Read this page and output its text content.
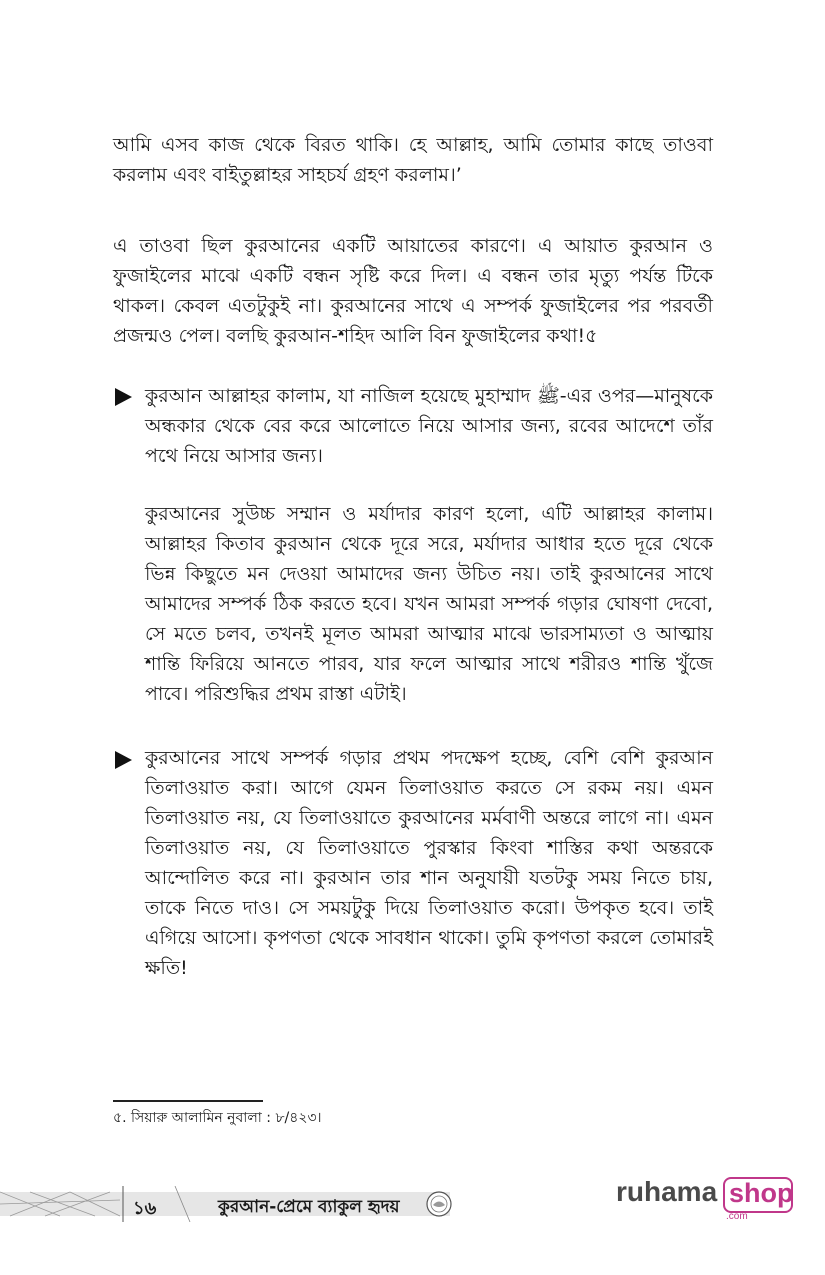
আমি এসব কাজ থেকে বিরত থাকি। হে আল্লাহ, আমি তোমার কাছে তাওবা করলাম এবং বাইতুল্লাহর সাহচর্য গ্রহণ করলাম।’

এ তাওবা ছিল কুরআনের একটি আয়াতের কারণে। এ আয়াত কুরআন ও ফুজাইলের মাঝে একটি বন্ধন সৃষ্টি করে দিল। এ বন্ধন তার মৃত্যু পর্যন্ত টিকে থাকল। কেবল এতটুকুই না। কুরআনের সাথে এ সম্পর্ক ফুজাইলের পর পরবর্তী প্রজন্মও পেল। বলছি কুরআন-শহিদ আলি বিন ফুজাইলের কথা!৫

কুরআন আল্লাহর কালাম, যা নাজিল হয়েছে মুহাম্মাদ ﷺ-এর ওপর—মানুষকে অন্ধকার থেকে বের করে আলোতে নিয়ে আসার জন্য, রবের আদেশে তাঁর পথে নিয়ে আসার জন্য।

কুরআনের সুউচ্চ সম্মান ও মর্যাদার কারণ হলো, এটি আল্লাহর কালাম। আল্লাহর কিতাব কুরআন থেকে দূরে সরে, মর্যাদার আধার হতে দূরে থেকে ভিন্ন কিছুতে মন দেওয়া আমাদের জন্য উচিত নয়। তাই কুরআনের সাথে আমাদের সম্পর্ক ঠিক করতে হবে। যখন আমরা সম্পর্ক গড়ার ঘোষণা দেবো, সে মতে চলব, তখনই মূলত আমরা আত্মার মাঝে ভারসাম্যতা ও আত্মায় শান্তি ফিরিয়ে আনতে পারব, যার ফলে আত্মার সাথে শরীরও শান্তি খুঁজে পাবে। পরিশুদ্ধির প্রথম রাস্তা এটাই।

কুরআনের সাথে সম্পর্ক গড়ার প্রথম পদক্ষেপ হচ্ছে, বেশি বেশি কুরআন তিলাওয়াত করা। আগে যেমন তিলাওয়াত করতে সে রকম নয়। এমন তিলাওয়াত নয়, যে তিলাওয়াতে কুরআনের মর্মবাণী অন্তরে লাগে না। এমন তিলাওয়াত নয়, যে তিলাওয়াতে পুরস্কার কিংবা শাস্তির কথা অন্তরকে আন্দোলিত করে না। কুরআন তার শান অনুযায়ী যতটকু সময় নিতে চায়, তাকে নিতে দাও। সে সময়টুকু দিয়ে তিলাওয়াত করো। উপকৃত হবে। তাই এগিয়ে আসো। কৃপণতা থেকে সাবধান থাকো। তুমি কৃপণতা করলে তোমারই ক্ষতি!

৫. সিয়ারু আলামিন নুবালা : ৮/৪২৩।
১৬	কুরআন-প্রেমে ব্যাকুল হৃদয়	ruhama shop
.com
